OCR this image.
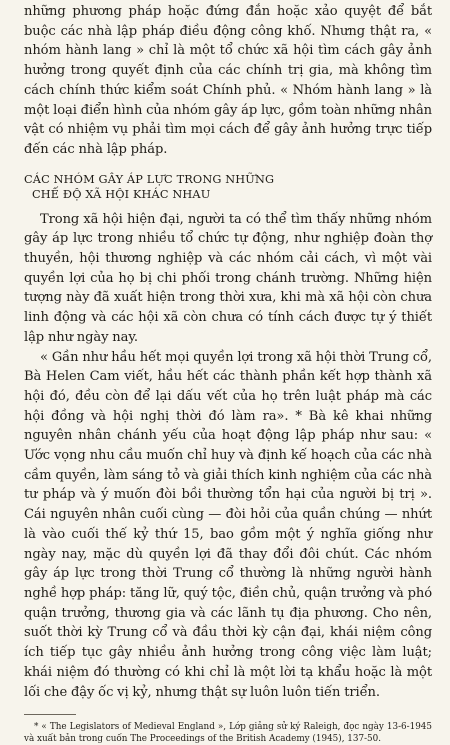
những phương pháp hoặc đứng đắn hoặc xảo quyệt để bắt buộc các nhà lập pháp điều động công khố. Nhưng thật ra, « nhóm hành lang » chỉ là một tổ chức xã hội tìm cách gây ảnh hưởng trong quyết định của các chính trị gia, mà không tìm cách chính thức kiểm soát Chính phủ. « Nhóm hành lang » là một loại điển hình của nhóm gây áp lực, gồm toàn những nhân vật có nhiệm vụ phải tìm mọi cách để gây ảnh hưởng trực tiếp đến các nhà lập pháp.

CÁC NHÓM GÂY ÁP LỰC TRONG NHỮNG
CHẾ ĐỘ XÃ HỘI KHÁC NHAU

Trong xã hội hiện đại, người ta có thể tìm thấy những nhóm gây áp lực trong nhiều tổ chức tự động, như nghiệp đoàn thợ thuyền, hội thương nghiệp và các nhóm cải cách, vì một vài quyền lợi của họ bị chi phối trong chánh trường. Những hiện tượng này đã xuất hiện trong thời xưa, khi mà xã hội còn chưa linh động và các hội xã còn chưa có tính cách được tự ý thiết lập như ngày nay.

« Gần như hầu hết mọi quyền lợi trong xã hội thời Trung cổ, Bà Helen Cam viết, hầu hết các thành phần kết hợp thành xã hội đó, đều còn để lại dấu vết của họ trên luật pháp mà các hội đồng và hội nghị thời đó làm ra». * Bà kê khai những nguyên nhân chánh yếu của hoạt động lập pháp như sau: « Ước vọng nhu cầu muốn chỉ huy và định kế hoạch của các nhà cầm quyền, làm sáng tỏ và giải thích kinh nghiệm của các nhà tư pháp và ý muốn đòi bồi thường tổn hại của người bị trị ». Cái nguyên nhân cuối cùng — đòi hỏi của quần chúng — nhứt là vào cuối thế kỷ thứ 15, bao gồm một ý nghĩa giống như ngày nay, mặc dù quyền lợi đã thay đổi đôi chút. Các nhóm gây áp lực trong thời Trung cổ thường là những người hành nghề hợp pháp: tăng lữ, quý tộc, điền chủ, quận trưởng và phó quận trưởng, thương gia và các lãnh tụ địa phương. Cho nên, suốt thời kỳ Trung cổ và đầu thời kỳ cận đại, khái niệm công ích tiếp tục gây nhiều ảnh hưởng trong công việc làm luật; khái niệm đó thường có khi chỉ là một lời tạ khẩu hoặc là một lối che đậy ốc vị kỷ, nhưng thật sự luôn luôn tiến triển.

* « The Legislators of Medieval England », Lớp giảng sử ký Raleigh, đọc ngày 13-6-1945 và xuất bản trong cuốn The Proceedings of the British Academy (1945), 137-50.
